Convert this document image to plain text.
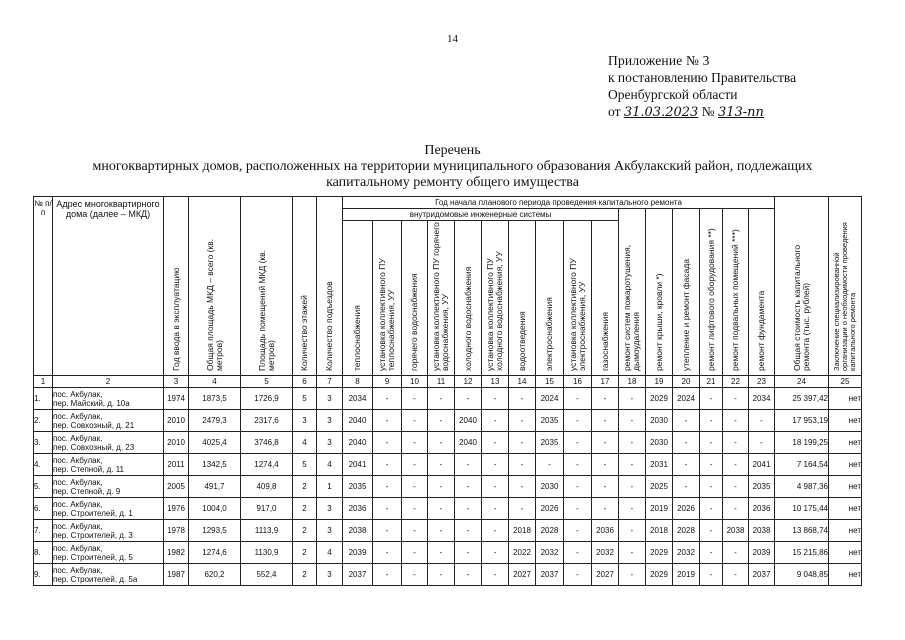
14
Приложение № 3
к постановлению Правительства
Оренбургской области
от 31.03.2023 № 313-пп
Перечень
многоквартирных домов, расположенных на территории муниципального образования Акбулакский район, подлежащих
капитальному ремонту общего имущества
№ п/п	Адрес многоквартирного дома (далее – МКД)	Год ввода в эксплуатацию	Общая площадь МКД – всего (кв. метров)	Площадь помещений МКД (кв. метров)	Количество этажей	Количество подъездов	Год начала планового периода проведения капитального ремонта																Общая стоимость капитального ремонта (тыс. рублей)	Заключение специализированной организации о необходимости проведения капитального ремонта
							внутридомовые инженерные системы										ремонт систем пожаротушения, дымоудаления	ремонт крыши, кровли *)	утепление и ремонт фасада	ремонт лифтового оборудования **)	ремонт подвальных помещений ***)	ремонт фундамента		
							теплоснабжения	установка коллективного ПУ теплоснабжения, УУ	горячего водоснабжения	установка коллективного ПУ горячего водоснабжения, УУ	холодного водоснабжения	установка коллективного ПУ холодного водоснабжения, УУ	водоотведения	электроснабжения	установка коллективного ПУ электроснабжения, УУ	газоснабжения								
1	2	3	4	5	6	7	8	9	10	11	12	13	14	15	16	17	18	19	20	21	22	23	24	25
1.	пос. Акбулак,
пер. Майский, д. 10а	1974	1873,5	1726,9	5	3	2034	-	-	-	-	-	-	2024	-	-	-	2029	2024	-	-	2034	25 397,42	нет
2.	пос. Акбулак,
пер. Совхозный, д. 21	2010	2479,3	2317,6	3	3	2040	-	-	-	2040	-	-	2035	-	-	-	2030	-	-	-	-	17 953,19	нет
3.	пос. Акбулак,
пер. Совхозный, д. 23	2010	4025,4	3746,8	4	3	2040	-	-	-	2040	-	-	2035	-	-	-	2030	-	-	-	-	18 199,25	нет
4.	пос. Акбулак,
пер. Степной, д. 11	2011	1342,5	1274,4	5	4	2041	-	-	-	-	-	-	-	-	-	-	2031	-	-	-	2041	7 164,54	нет
5.	пос. Акбулак,
пер. Степной, д. 9	2005	491,7	409,8	2	1	2035	-	-	-	-	-	-	2030	-	-	-	2025	-	-	-	2035	4 987,36	нет
6.	пос. Акбулак,
пер. Строителей, д. 1	1976	1004,0	917,0	2	3	2036	-	-	-	-	-	-	2026	-	-	-	2019	2026	-	-	2036	10 175,44	нет
7.	пос. Акбулак,
пер. Строителей, д. 3	1978	1293,5	1113,9	2	3	2038	-	-	-	-	-	2018	2028	-	2036	-	2018	2028	-	2038	2038	13 868,74	нет
8.	пос. Акбулак,
пер. Строителей, д. 5	1982	1274,6	1130,9	2	4	2039	-	-	-	-	-	2022	2032	-	2032	-	2029	2032	-	-	2039	15 215,86	нет
9.	пос. Акбулак,
пер. Строителей, д. 5а	1987	620,2	552,4	2	3	2037	-	-	-	-	-	2027	2037	-	2027	-	2029	2019	-	-	2037	9 048,85	нет
